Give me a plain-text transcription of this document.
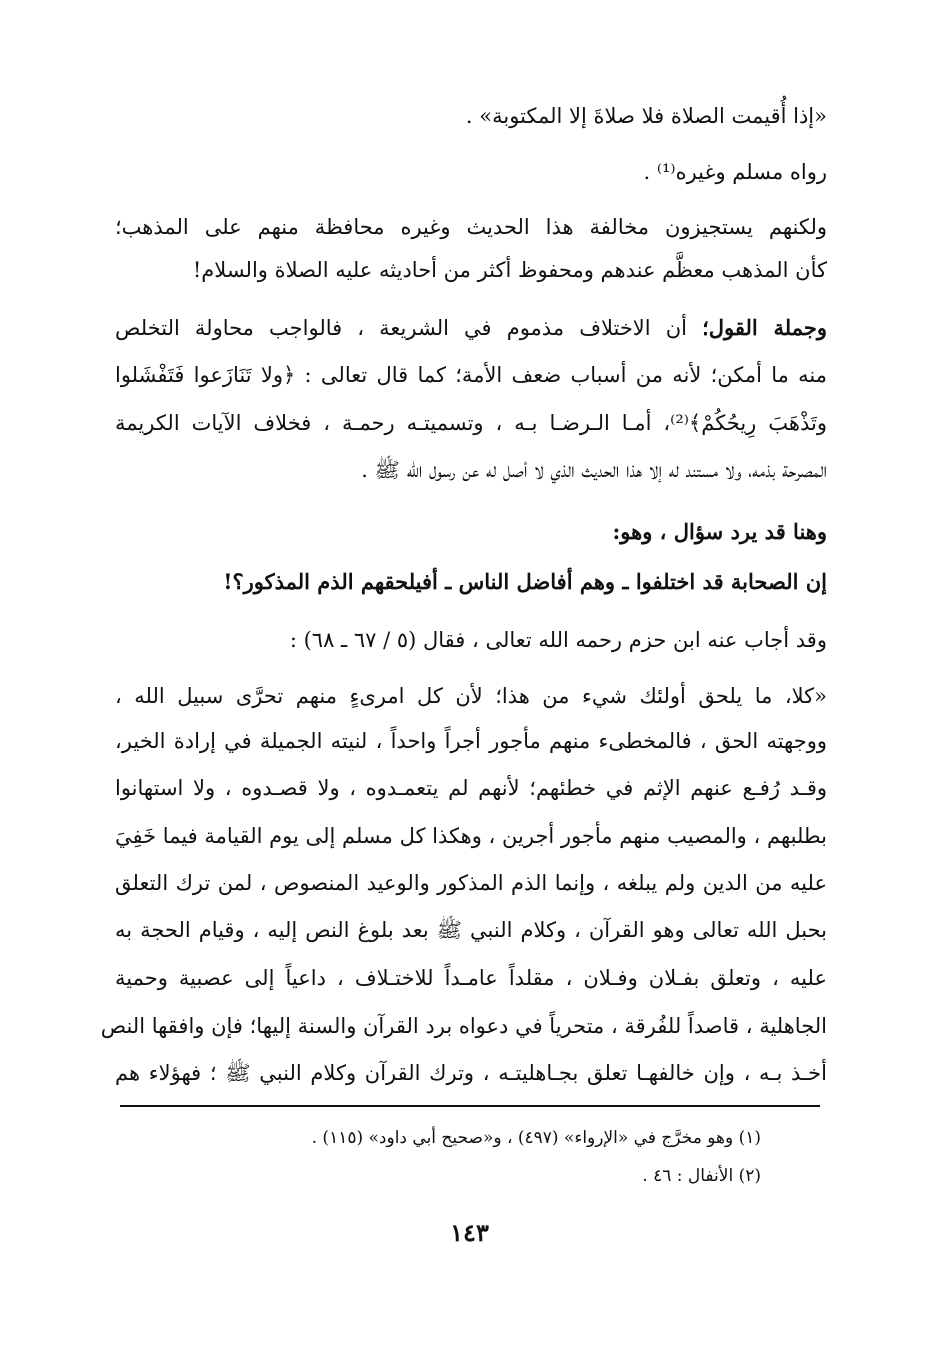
«إذا أُقيمت الصلاة فلا صلاةَ إلا المكتوبة» .
رواه مسلم وغيره⁽¹⁾ .
ولكنهم يستجيزون مخالفة هذا الحديث وغيره محافظة منهم على المذهب؛
كأن المذهب معظَّم عندهم ومحفوظ أكثر من أحاديثه عليه الصلاة والسلام!
وجملة القول؛ أن الاختلاف مذموم في الشريعة ، فالواجب محاولة التخلص
منه ما أمكن؛ لأنه من أسباب ضعف الأمة؛ كما قال تعالى : ﴿ولا تَنَازَعوا فَتَفْشَلوا
وتَذْهَبَ رِيحُكُمْ﴾⁽²⁾، أمـا الـرضـا بـه ، وتسميتـه رحمـة ، فخلاف الآيات الكريمة
المصرحة بذمه، ولا مستند له إلا هذا الحديث الذي لا أصل له عن رسول الله ﷺ .
وهنا قد يرد سؤال ، وهو:
إن الصحابة قد اختلفوا ـ وهم أفاضل الناس ـ أفيلحقهم الذم المذكور؟!
وقد أجاب عنه ابن حزم رحمه الله تعالى ، فقال (٥ / ٦٧ ـ ٦٨) :
«كلا، ما يلحق أولئك شيء من هذا؛ لأن كل امرىءٍ منهم تحرَّى سبيل الله ،
ووجهته الحق ، فالمخطىء منهم مأجور أجراً واحداً ، لنيته الجميلة في إرادة الخير،
وقـد رُفـع عنهم الإثم في خطئهم؛ لأنهم لم يتعمـدوه ، ولا قصـدوه ، ولا استهانوا
بطلبهم ، والمصيب منهم مأجور أجرين ، وهكذا كل مسلم إلى يوم القيامة فيما خَفِيَ
عليه من الدين ولم يبلغه ، وإنما الذم المذكور والوعيد المنصوص ، لمن ترك التعلق
بحبل الله تعالى وهو القرآن ، وكلام النبي ﷺ بعد بلوغ النص إليه ، وقيام الحجة به
عليه ، وتعلق بفـلان وفـلان ، مقلداً عامـداً للاختـلاف ، داعياً إلى عصبية وحمية
الجاهلية ، قاصداً للفُرقة ، متحرياً في دعواه برد القرآن والسنة إليها؛ فإن وافقها النص
أخـذ بـه ، وإن خالفهـا تعلق بجـاهليتـه ، وترك القرآن وكلام النبي ﷺ ؛ فهؤلاء هم
(١) وهو مخرَّج في «الإرواء» (٤٩٧) ، و«صحيح أبي داود» (١١٥) .
(٢) الأنفال : ٤٦ .
١٤٣
